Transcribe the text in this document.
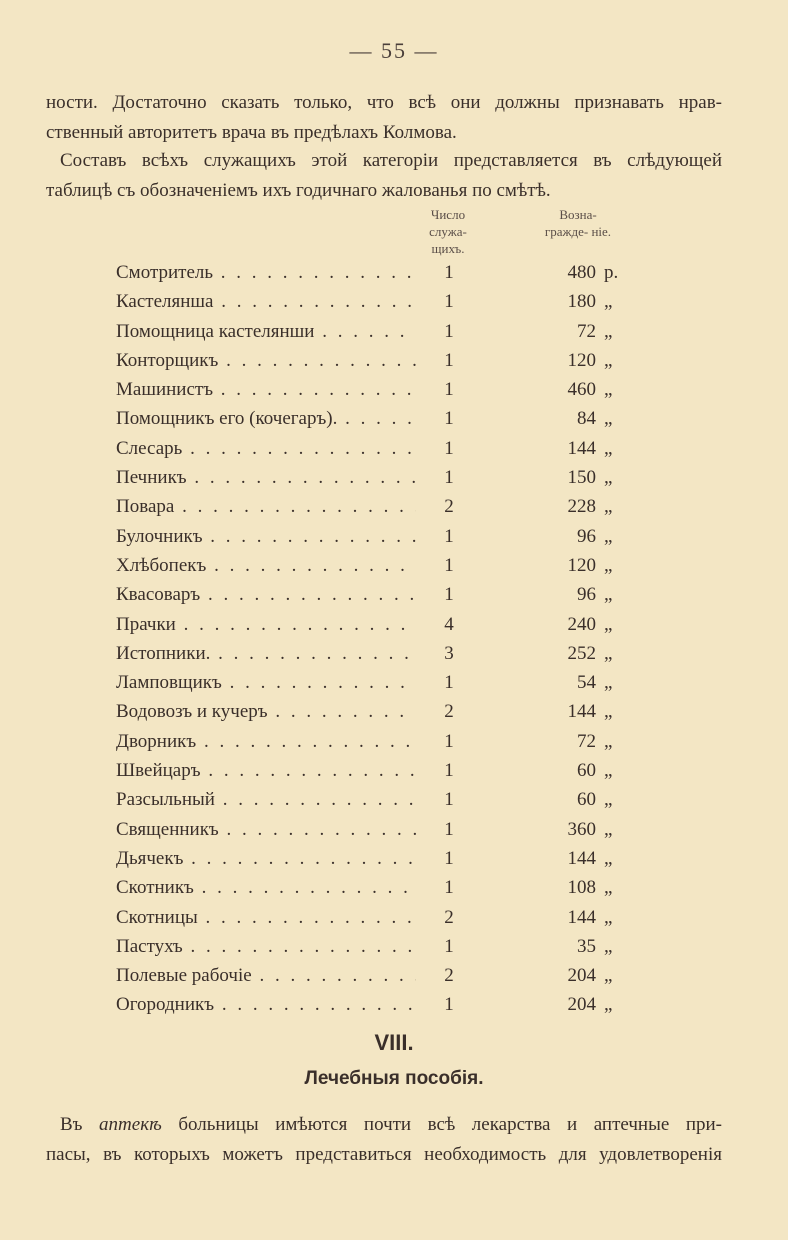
— 55 —
ности. Достаточно сказать только, что всѣ они должны признавать нрав-
ственный авторитетъ врача въ предѣлахъ Колмова.
Составъ всѣхъ служащихъ этой категорiи представляется въ слѣдующей
таблицѣ съ обозначенiемъ ихъ годичнаго жалованья по смѣтѣ.
Число служа- щихъ.
Возна- гражде- нiе.
Смотритель . . .	1	480 р.
Кастелянша . . .	1	180 „
Помощница кастелянши . . .	1	72 „
Конторщикъ . . .	1	120 „
Машинистъ . . .	1	460 „
Помощникъ его (кочегаръ). . . .	1	84 „
Слесарь . . .	1	144 „
Печникъ . . .	1	150 „
Повара . . .	2	228 „
Булочникъ . . .	1	96 „
Хлѣбопекъ . . .	1	120 „
Квасоваръ . . .	1	96 „
Прачки . . .	4	240 „
Истопники. . . .	3	252 „
Ламповщикъ . . .	1	54 „
Водовозъ и кучеръ . . .	2	144 „
Дворникъ . . .	1	72 „
Швейцаръ . . .	1	60 „
Разсыльный . . .	1	60 „
Священникъ . . .	1	360 „
Дьячекъ . . .	1	144 „
Скотникъ . . .	1	108 „
Скотницы . . .	2	144 „
Пастухъ . . .	1	35 „
Полевые рабочiе . . .	2	204 „
Огородникъ . . .	1	204 „
VIII.
Лечебныя пособiя.
Въ аптекѣ больницы имѣются почти всѣ лекарства и аптечные при-
пасы, въ которыхъ можетъ представиться необходимость для удовлетворенiя
